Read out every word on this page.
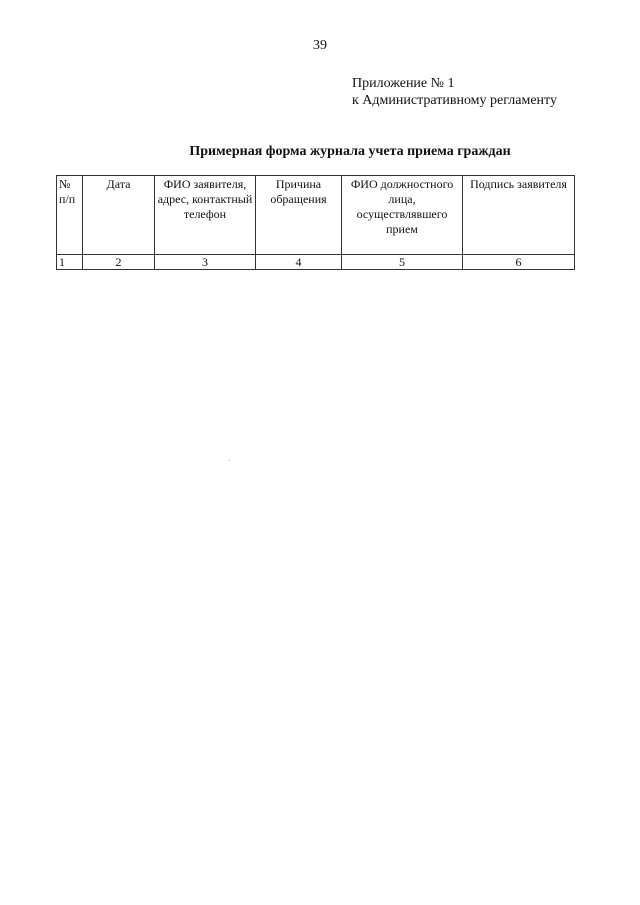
39
Приложение № 1
к Административному регламенту
Примерная форма журнала учета приема граждан
№ п/п	Дата	ФИО заявителя, адрес, контактный телефон	Причина обращения	ФИО должностного лица, осуществлявшего прием	Подпись заявителя
1	2	3	4	5	6
